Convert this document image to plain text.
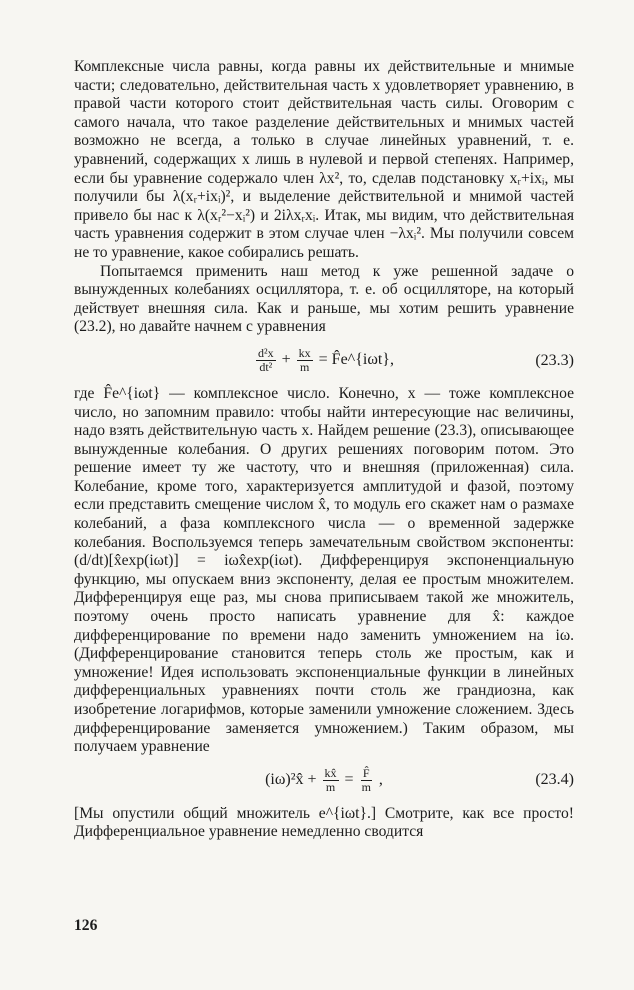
Комплексные числа равны, когда равны их действительные и мнимые части; следовательно, действительная часть x удовлетворяет уравнению, в правой части которого стоит действительная часть силы. Оговорим с самого начала, что такое разделение действительных и мнимых частей возможно не всегда, а только в случае линейных уравнений, т. е. уравнений, содержащих x лишь в нулевой и первой степенях. Например, если бы уравнение содержало член λx², то, сделав подстановку xᵣ+ixᵢ, мы получили бы λ(xᵣ+ixᵢ)², и выделение действительной и мнимой частей привело бы нас к λ(xᵣ²−xᵢ²) и 2iλxᵣxᵢ. Итак, мы видим, что действительная часть уравнения содержит в этом случае член −λxᵢ². Мы получили совсем не то уравнение, какое собирались решать.

Попытаемся применить наш метод к уже решенной задаче о вынужденных колебаниях осциллятора, т. е. об осцилляторе, на который действует внешняя сила. Как и раньше, мы хотим решить уравнение (23.2), но давайте начнем с уравнения

$\frac{\text{d²x}}{\text{dt²}} + \frac{kx}{m}$ = F̂e^{iωt},	(23.3)

где F̂e^{iωt} — комплексное число. Конечно, x — тоже комплексное число, но запомним правило: чтобы найти интересующие нас величины, надо взять действительную часть x. Найдем решение (23.3), описывающее вынужденные колебания. О других решениях поговорим потом. Это решение имеет ту же частоту, что и внешняя (приложенная) сила. Колебание, кроме того, характеризуется амплитудой и фазой, поэтому если представить смещение числом x̂, то модуль его скажет нам о размахе колебаний, а фаза комплексного числа — о временной задержке колебания. Воспользуемся теперь замечательным свойством экспоненты: (d/dt)[x̂exp(iωt)] = iωx̂exp(iωt). Дифференцируя экспоненциальную функцию, мы опускаем вниз экспоненту, делая ее простым множителем. Дифференцируя еще раз, мы снова приписываем такой же множитель, поэтому очень просто написать уравнение для x̂: каждое дифференцирование по времени надо заменить умножением на iω. (Дифференцирование становится теперь столь же простым, как и умножение! Идея использовать экспоненциальные функции в линейных дифференциальных уравнениях почти столь же грандиозна, как изобретение логарифмов, которые заменили умножение сложением. Здесь дифференцирование заменяется умножением.) Таким образом, мы получаем уравнение

(iω)²x̂ + $\frac{kx̂}{m} = \frac{F̂}{m}$ ,	(23.4)

[Мы опустили общий множитель e^{iωt}.] Смотрите, как все просто! Дифференциальное уравнение немедленно сводится

126
